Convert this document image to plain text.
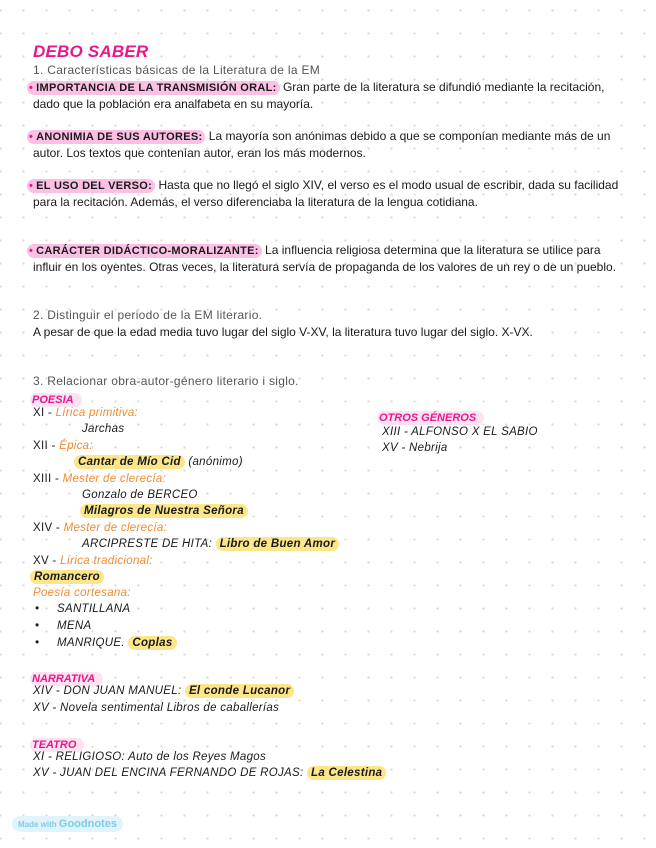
DEBO SABER
1. Características básicas de la Literatura de la EM
• IMPORTANCIA DE LA TRANSMISIÓN ORAL: Gran parte de la literatura se difundió mediante la recitación, dado que la población era analfabeta en su mayoría.
• ANONIMIA DE SUS AUTORES: La mayoría son anónimas debido a que se componían mediante más de un autor. Los textos que contenían autor, eran los más modernos.
• EL USO DEL VERSO: Hasta que no llegó el siglo XIV, el verso es el modo usual de escribir, dada su facilidad para la recitación. Además, el verso diferenciaba la literatura de la lengua cotidiana.
• CARÁCTER DIDÁCTICO-MORALIZANTE: La influencia religiosa determina que la literatura se utilice para influir en los oyentes. Otras veces, la literatura servía de propaganda de los valores de un rey o de un pueblo.
2. Distinguir el periodo de la EM literario.
A pesar de que la edad media tuvo lugar del siglo V-XV, la literatura tuvo lugar del siglo. X-VX.
3. Relacionar obra-autor-género literario i siglo.
POESIA
XI - Lírica primitiva:
Jarchas
XII - Épica:
Cantar de Mío Cid (anónimo)
XIII - Mester de clerecía:
Gonzalo de BERCEO
Milagros de Nuestra Señora
XIV - Mester de clerecía:
ARCIPRESTE DE HITA: Libro de Buen Amor
XV - Lírica tradicional:
Romancero
Poesía cortesana:
• SANTILLANA
• MENA
• MANRIQUE. Coplas
OTROS GÉNEROS
XIII - ALFONSO X EL SABIO
XV - Nebrija
NARRATIVA
XIV - DON JUAN MANUEL: El conde Lucanor
XV - Novela sentimental Libros de caballerías
TEATRO
XI - RELIGIOSO: Auto de los Reyes Magos
XV - JUAN DEL ENCINA FERNANDO DE ROJAS: La Celestina
Made with Goodnotes
